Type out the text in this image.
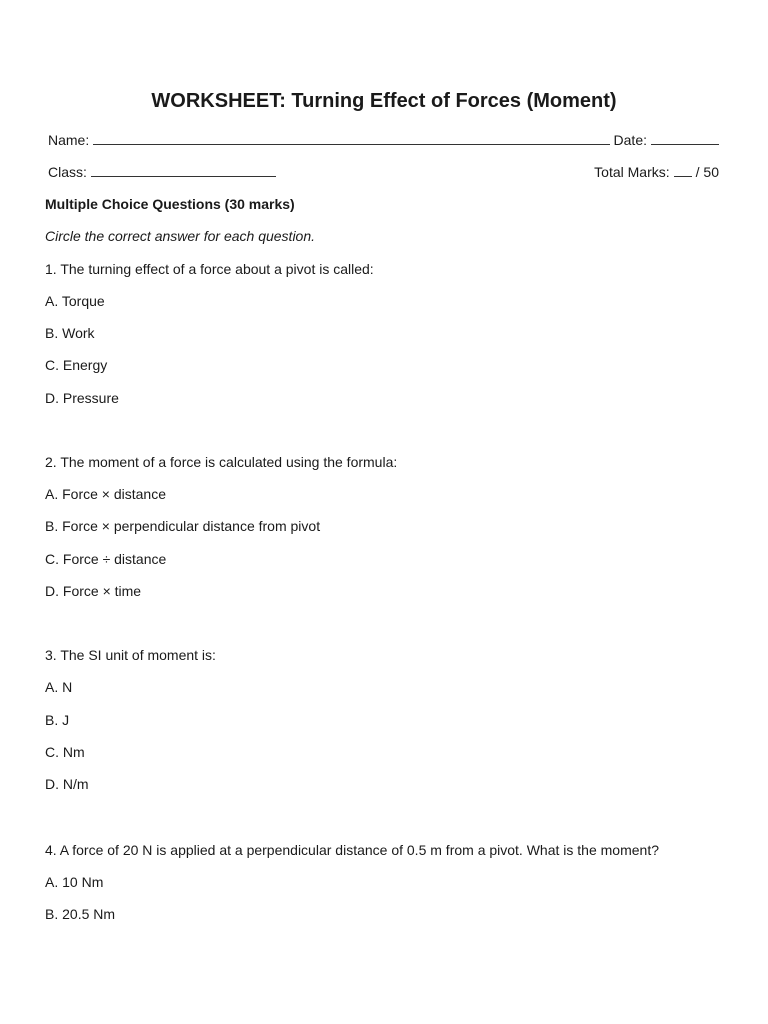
WORKSHEET: Turning Effect of Forces (Moment)
Name:	Date:
Class:	Total Marks: / 50

Multiple Choice Questions (30 marks)

Circle the correct answer for each question.

1. The turning effect of a force about a pivot is called:

A. Torque

B. Work

C. Energy

D. Pressure

2. The moment of a force is calculated using the formula:

A. Force × distance

B. Force × perpendicular distance from pivot

C. Force ÷ distance

D. Force × time

3. The SI unit of moment is:

A. N

B. J

C. Nm

D. N/m

4. A force of 20 N is applied at a perpendicular distance of 0.5 m from a pivot. What is the moment?

A. 10 Nm

B. 20.5 Nm
